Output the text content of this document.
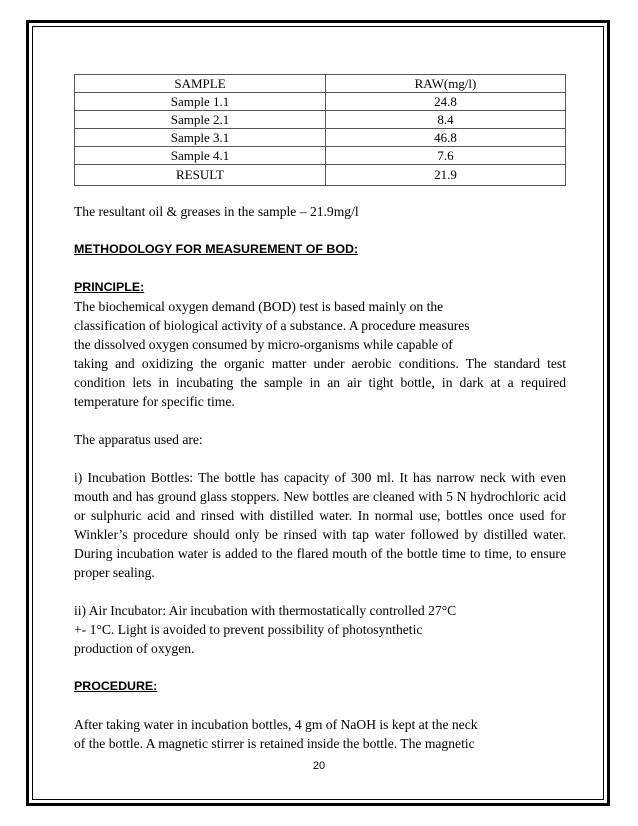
SAMPLE	RAW(mg/l)
Sample 1.1	24.8
Sample 2.1	8.4
Sample 3.1	46.8
Sample 4.1	7.6
RESULT	21.9

The resultant oil & greases in the sample – 21.9mg/l

METHODOLOGY FOR MEASUREMENT OF BOD:

PRINCIPLE:

The biochemical oxygen demand (BOD) test is based mainly on the

classification of biological activity of a substance. A procedure measures

the dissolved oxygen consumed by micro-organisms while capable of

taking and oxidizing the organic matter under aerobic conditions. The standard test condition lets in incubating the sample in an air tight bottle, in dark at a required temperature for specific time.

The apparatus used are:

i) Incubation Bottles: The bottle has capacity of 300 ml. It has narrow neck with even mouth and has ground glass stoppers. New bottles are cleaned with 5 N hydrochloric acid or sulphuric acid and rinsed with distilled water. In normal use, bottles once used for Winkler’s procedure should only be rinsed with tap water followed by distilled water. During incubation water is added to the flared mouth of the bottle time to time, to ensure proper sealing.

ii) Air Incubator: Air incubation with thermostatically controlled 27°C

+- 1°C. Light is avoided to prevent possibility of photosynthetic

production of oxygen.

PROCEDURE:

After taking water in incubation bottles, 4 gm of NaOH is kept at the neck

of the bottle. A magnetic stirrer is retained inside the bottle. The magnetic

20
